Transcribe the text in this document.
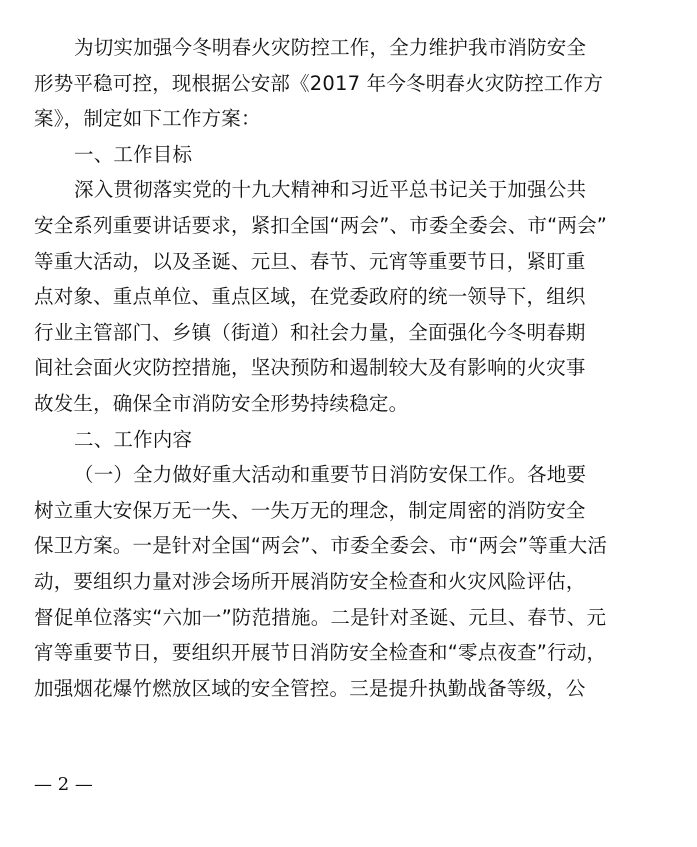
为切实加强今冬明春火灾防控工作，全力维护我市消防安全
形势平稳可控，现根据公安部《2017 年今冬明春火灾防控工作方
案》，制定如下工作方案：
一、工作目标
深入贯彻落实党的十九大精神和习近平总书记关于加强公共
安全系列重要讲话要求，紧扣全国“两会”、市委全委会、市“两会”
等重大活动，以及圣诞、元旦、春节、元宵等重要节日，紧盯重
点对象、重点单位、重点区域，在党委政府的统一领导下，组织
行业主管部门、乡镇（街道）和社会力量，全面强化今冬明春期
间社会面火灾防控措施，坚决预防和遏制较大及有影响的火灾事
故发生，确保全市消防安全形势持续稳定。
二、工作内容
（一）全力做好重大活动和重要节日消防安保工作。各地要
树立重大安保万无一失、一失万无的理念，制定周密的消防安全
保卫方案。一是针对全国“两会”、市委全委会、市“两会”等重大活
动，要组织力量对涉会场所开展消防安全检查和火灾风险评估，
督促单位落实“六加一”防范措施。二是针对圣诞、元旦、春节、元
宵等重要节日，要组织开展节日消防安全检查和“零点夜查”行动，
加强烟花爆竹燃放区域的安全管控。三是提升执勤战备等级，公
— 2 —
